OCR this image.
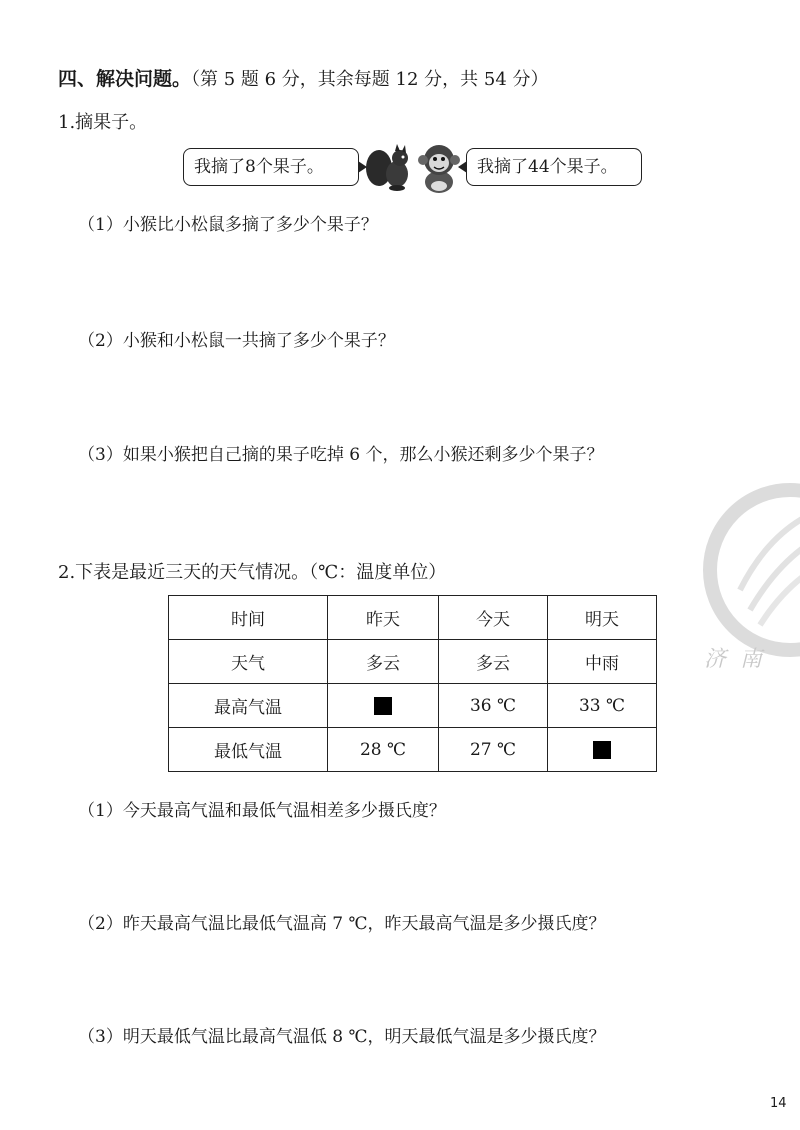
四、解决问题。（第 5 题 6 分，其余每题 12 分，共 54 分）
1.摘果子。
我摘了8个果子。	我摘了44个果子。
（1）小猴比小松鼠多摘了多少个果子？
（2）小猴和小松鼠一共摘了多少个果子？
（3）如果小猴把自己摘的果子吃掉 6 个，那么小猴还剩多少个果子？
济南
2.下表是最近三天的天气情况。（℃：温度单位）
时间	昨天	今天	明天
天气	多云	多云	中雨
最高气温		36 ℃	33 ℃
最低气温	28 ℃	27 ℃	
（1）今天最高气温和最低气温相差多少摄氏度？
（2）昨天最高气温比最低气温高 7 ℃，昨天最高气温是多少摄氏度？
（3）明天最低气温比最高气温低 8 ℃，明天最低气温是多少摄氏度？
14
